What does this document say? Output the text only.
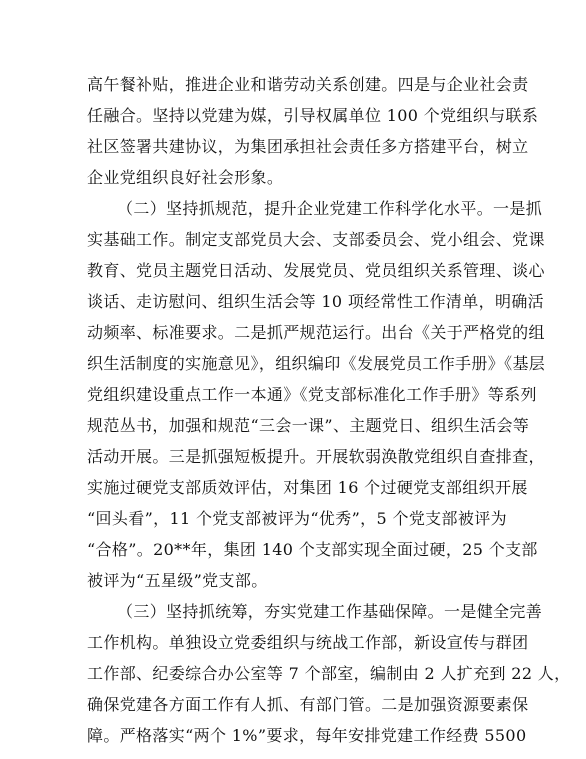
高午餐补贴，推进企业和谐劳动关系创建。四是与企业社会责
任融合。坚持以党建为媒，引导权属单位 100 个党组织与联系
社区签署共建协议，为集团承担社会责任多方搭建平台，树立
企业党组织良好社会形象。
（二）坚持抓规范，提升企业党建工作科学化水平。一是抓
实基础工作。制定支部党员大会、支部委员会、党小组会、党课
教育、党员主题党日活动、发展党员、党员组织关系管理、谈心
谈话、走访慰问、组织生活会等 10 项经常性工作清单，明确活
动频率、标准要求。二是抓严规范运行。出台《关于严格党的组
织生活制度的实施意见》，组织编印《发展党员工作手册》《基层
党组织建设重点工作一本通》《党支部标准化工作手册》等系列
规范丛书，加强和规范“三会一课”、主题党日、组织生活会等
活动开展。三是抓强短板提升。开展软弱涣散党组织自查排查，
实施过硬党支部质效评估，对集团 16 个过硬党支部组织开展
“回头看”，11 个党支部被评为“优秀”，5 个党支部被评为
“合格”。20**年，集团 140 个支部实现全面过硬，25 个支部
被评为“五星级”党支部。
（三）坚持抓统筹，夯实党建工作基础保障。一是健全完善
工作机构。单独设立党委组织与统战工作部，新设宣传与群团
工作部、纪委综合办公室等 7 个部室，编制由 2 人扩充到 22 人，
确保党建各方面工作有人抓、有部门管。二是加强资源要素保
障。严格落实“两个 1%”要求，每年安排党建工作经费 5500
